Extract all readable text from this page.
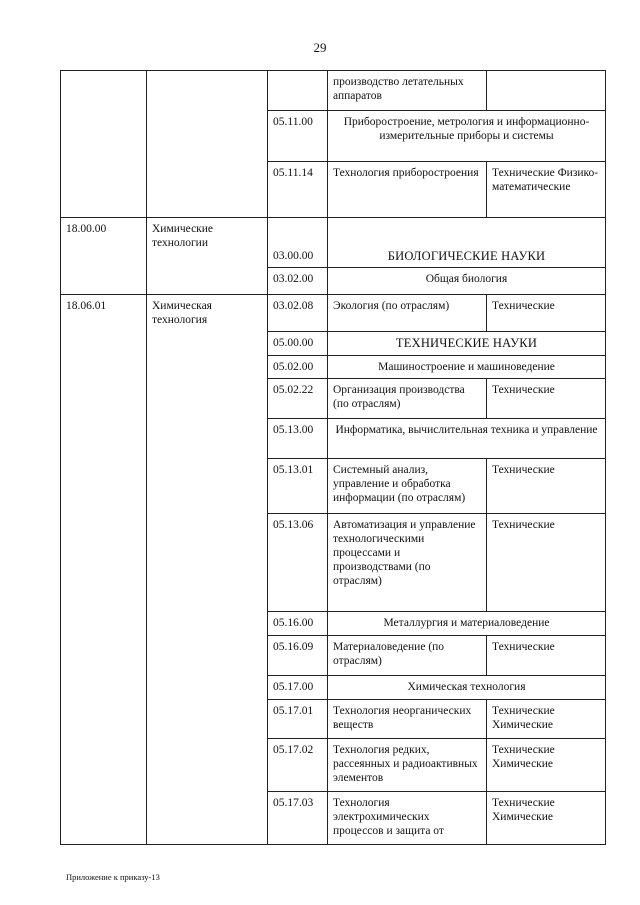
29
			производство летательных аппаратов	
		05.11.00	Приборостроение, метрология и информационно-измерительные приборы и системы	
		05.11.14	Технология приборостроения	Технические Физико-математические
18.00.00	Химические технологии	03.00.00	БИОЛОГИЧЕСКИЕ НАУКИ	
		03.02.00	Общая биология	
18.06.01	Химическая технология	03.02.08	Экология (по отраслям)	Технические
		05.00.00	ТЕХНИЧЕСКИЕ НАУКИ	
		05.02.00	Машиностроение и машиноведение	
		05.02.22	Организация производства (по отраслям)	Технические
		05.13.00	Информатика, вычислительная техника и управление	
		05.13.01	Системный анализ, управление и обработка информации (по отраслям)	Технические
		05.13.06	Автоматизация и управление технологическими процессами и производствами (по отраслям)	Технические
		05.16.00	Металлургия и материаловедение	
		05.16.09	Материаловедение (по отраслям)	Технические
		05.17.00	Химическая технология	
		05.17.01	Технология неорганических веществ	Технические Химические
		05.17.02	Технология редких, рассеянных и радиоактивных элементов	Технические Химические
		05.17.03	Технология электрохимических процессов и защита от	Технические Химические
Приложение к приказу-13
